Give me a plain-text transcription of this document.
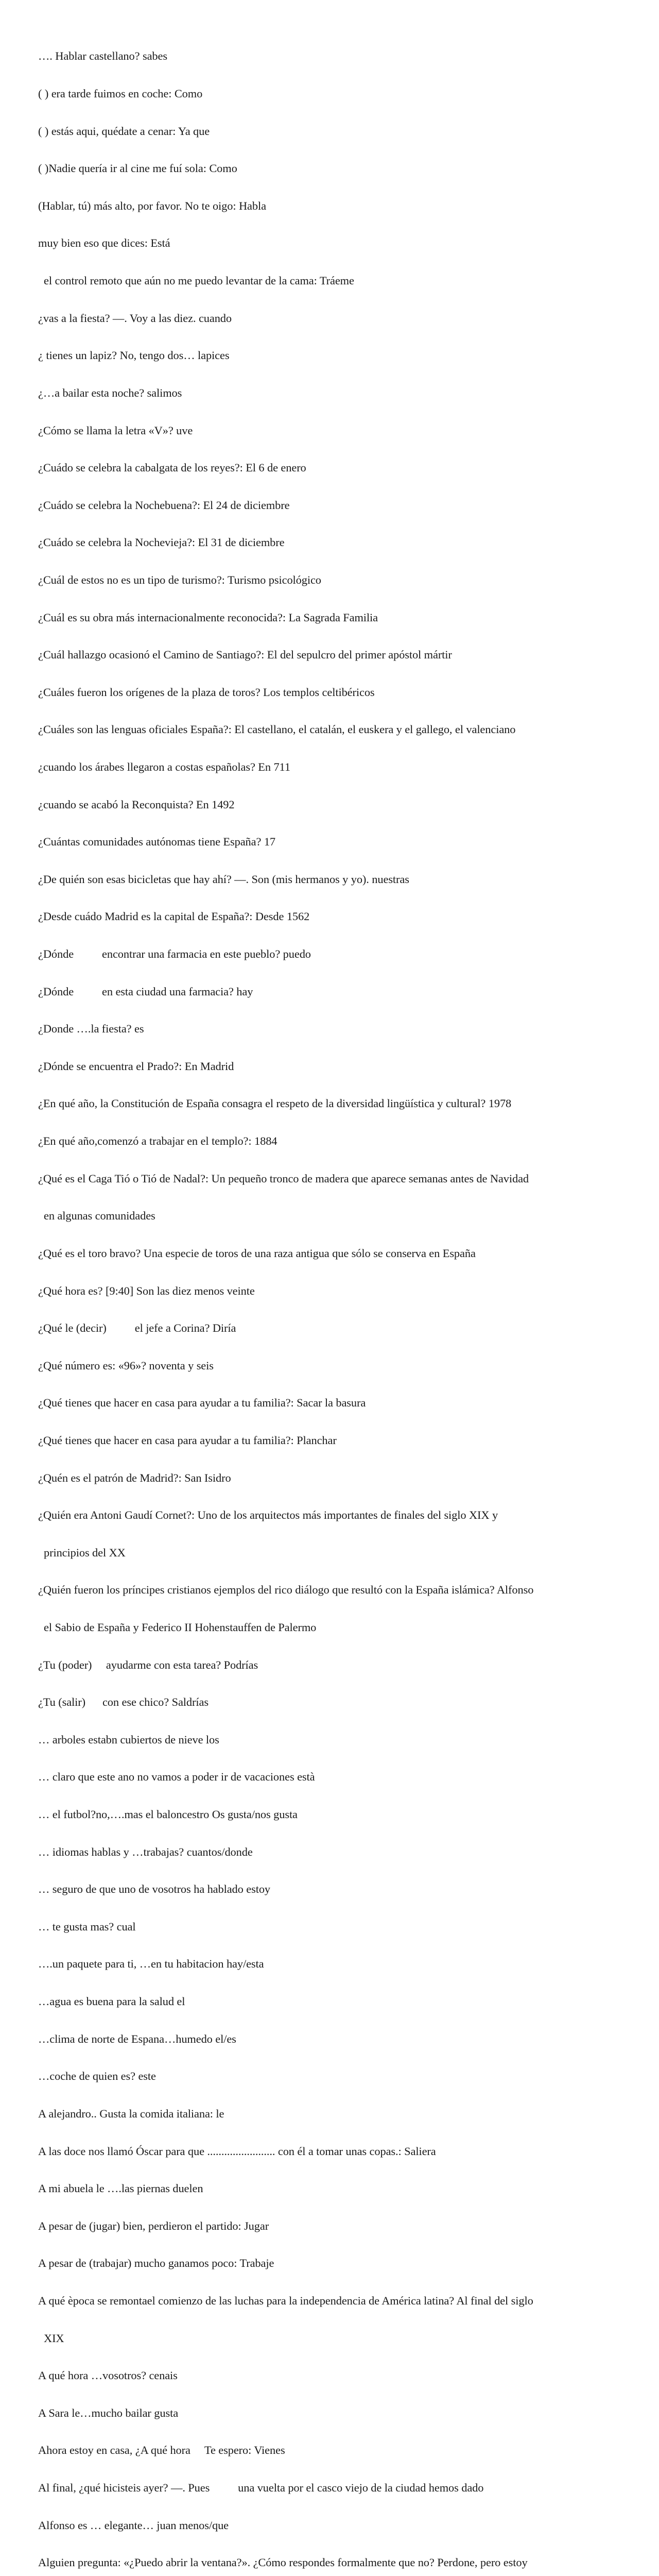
…. Hablar castellano? sabes

( ) era tarde fuimos en coche: Como

( ) estás aqui, quédate a cenar: Ya que

( )Nadie quería ir al cine me fuí sola: Como

(Hablar, tú) más alto, por favor. No te oigo: Habla

muy bien eso que dices: Está

el control remoto que aún no me puedo levantar de la cama: Tráeme

¿vas a la fiesta? —. Voy a las diez. cuando

¿ tienes un lapiz? No, tengo dos… lapices

¿…a bailar esta noche? salimos

¿Cómo se llama la letra «V»? uve

¿Cuádo se celebra la cabalgata de los reyes?: El 6 de enero

¿Cuádo se celebra la Nochebuena?: El 24 de diciembre

¿Cuádo se celebra la Nochevieja?: El 31 de diciembre

¿Cuál de estos no es un tipo de turismo?: Turismo psicológico

¿Cuál es su obra más internacionalmente reconocida?: La Sagrada Familia

¿Cuál hallazgo ocasionó el Camino de Santiago?: El del sepulcro del primer apóstol mártir

¿Cuáles fueron los orígenes de la plaza de toros? Los templos celtibéricos

¿Cuáles son las lenguas oficiales España?: El castellano, el catalán, el euskera y el gallego, el valenciano

¿cuando los árabes llegaron a costas españolas? En 711

¿cuando se acabó la Reconquista? En 1492

¿Cuántas comunidades autónomas tiene España? 17

¿De quién son esas bicicletas que hay ahí? —. Son (mis hermanos y yo). nuestras

¿Desde cuádo Madrid es la capital de España?: Desde 1562

¿Dónde          encontrar una farmacia en este pueblo? puedo

¿Dónde          en esta ciudad una farmacia? hay

¿Donde ….la fiesta? es

¿Dónde se encuentra el Prado?: En Madrid

¿En qué año, la Constitución de España consagra el respeto de la diversidad lingüística y cultural? 1978

¿En qué año,comenzó a trabajar en el templo?: 1884

¿Qué es el Caga Tió o Tió de Nadal?: Un pequeño tronco de madera que aparece semanas antes de Navidad

en algunas comunidades

¿Qué es el toro bravo? Una especie de toros de una raza antigua que sólo se conserva en España

¿Qué hora es? [9:40] Son las diez menos veinte

¿Qué le (decir)          el jefe a Corina? Diría

¿Qué número es: «96»? noventa y seis

¿Qué tienes que hacer en casa para ayudar a tu familia?: Sacar la basura

¿Qué tienes que hacer en casa para ayudar a tu familia?: Planchar

¿Quén es el patrón de Madrid?: San Isidro

¿Quién era Antoni Gaudí Cornet?: Uno de los arquitectos más importantes de finales del siglo XIX y

principios del XX

¿Quién fueron los príncipes cristianos ejemplos del rico diálogo que resultó con la España islámica? Alfonso

el Sabio de España y Federico II Hohenstauffen de Palermo

¿Tu (poder)     ayudarme con esta tarea? Podrías

¿Tu (salir)      con ese chico? Saldrías

… arboles estabn cubiertos de nieve los

… claro que este ano no vamos a poder ir de vacaciones està

… el futbol?no,….mas el baloncestro Os gusta/nos gusta

… idiomas hablas y …trabajas? cuantos/donde

… seguro de que uno de vosotros ha hablado estoy

… te gusta mas? cual

….un paquete para ti, …en tu habitacion hay/esta

…agua es buena para la salud el

…clima de norte de Espana…humedo el/es

…coche de quien es? este

A alejandro.. Gusta la comida italiana: le

A las doce nos llamó Óscar para que ........................ con él a tomar unas copas.: Saliera

A mi abuela le ….las piernas duelen

A pesar de (jugar) bien, perdieron el partido: Jugar

A pesar de (trabajar) mucho ganamos poco: Trabaje

A qué època se remontael comienzo de las luchas para la independencia de América latina? Al final del siglo

XIX

A qué hora …vosotros? cenais

A Sara le…mucho bailar gusta

Ahora estoy en casa, ¿A qué hora     Te espero: Vienes

Al final, ¿qué hicisteis ayer? —. Pues          una vuelta por el casco viejo de la ciudad hemos dado

Alfonso es … elegante… juan menos/que

Alguien pregunta: «¿Puedo abrir la ventana?». ¿Cómo respondes formalmente que no? Perdone, pero estoy
